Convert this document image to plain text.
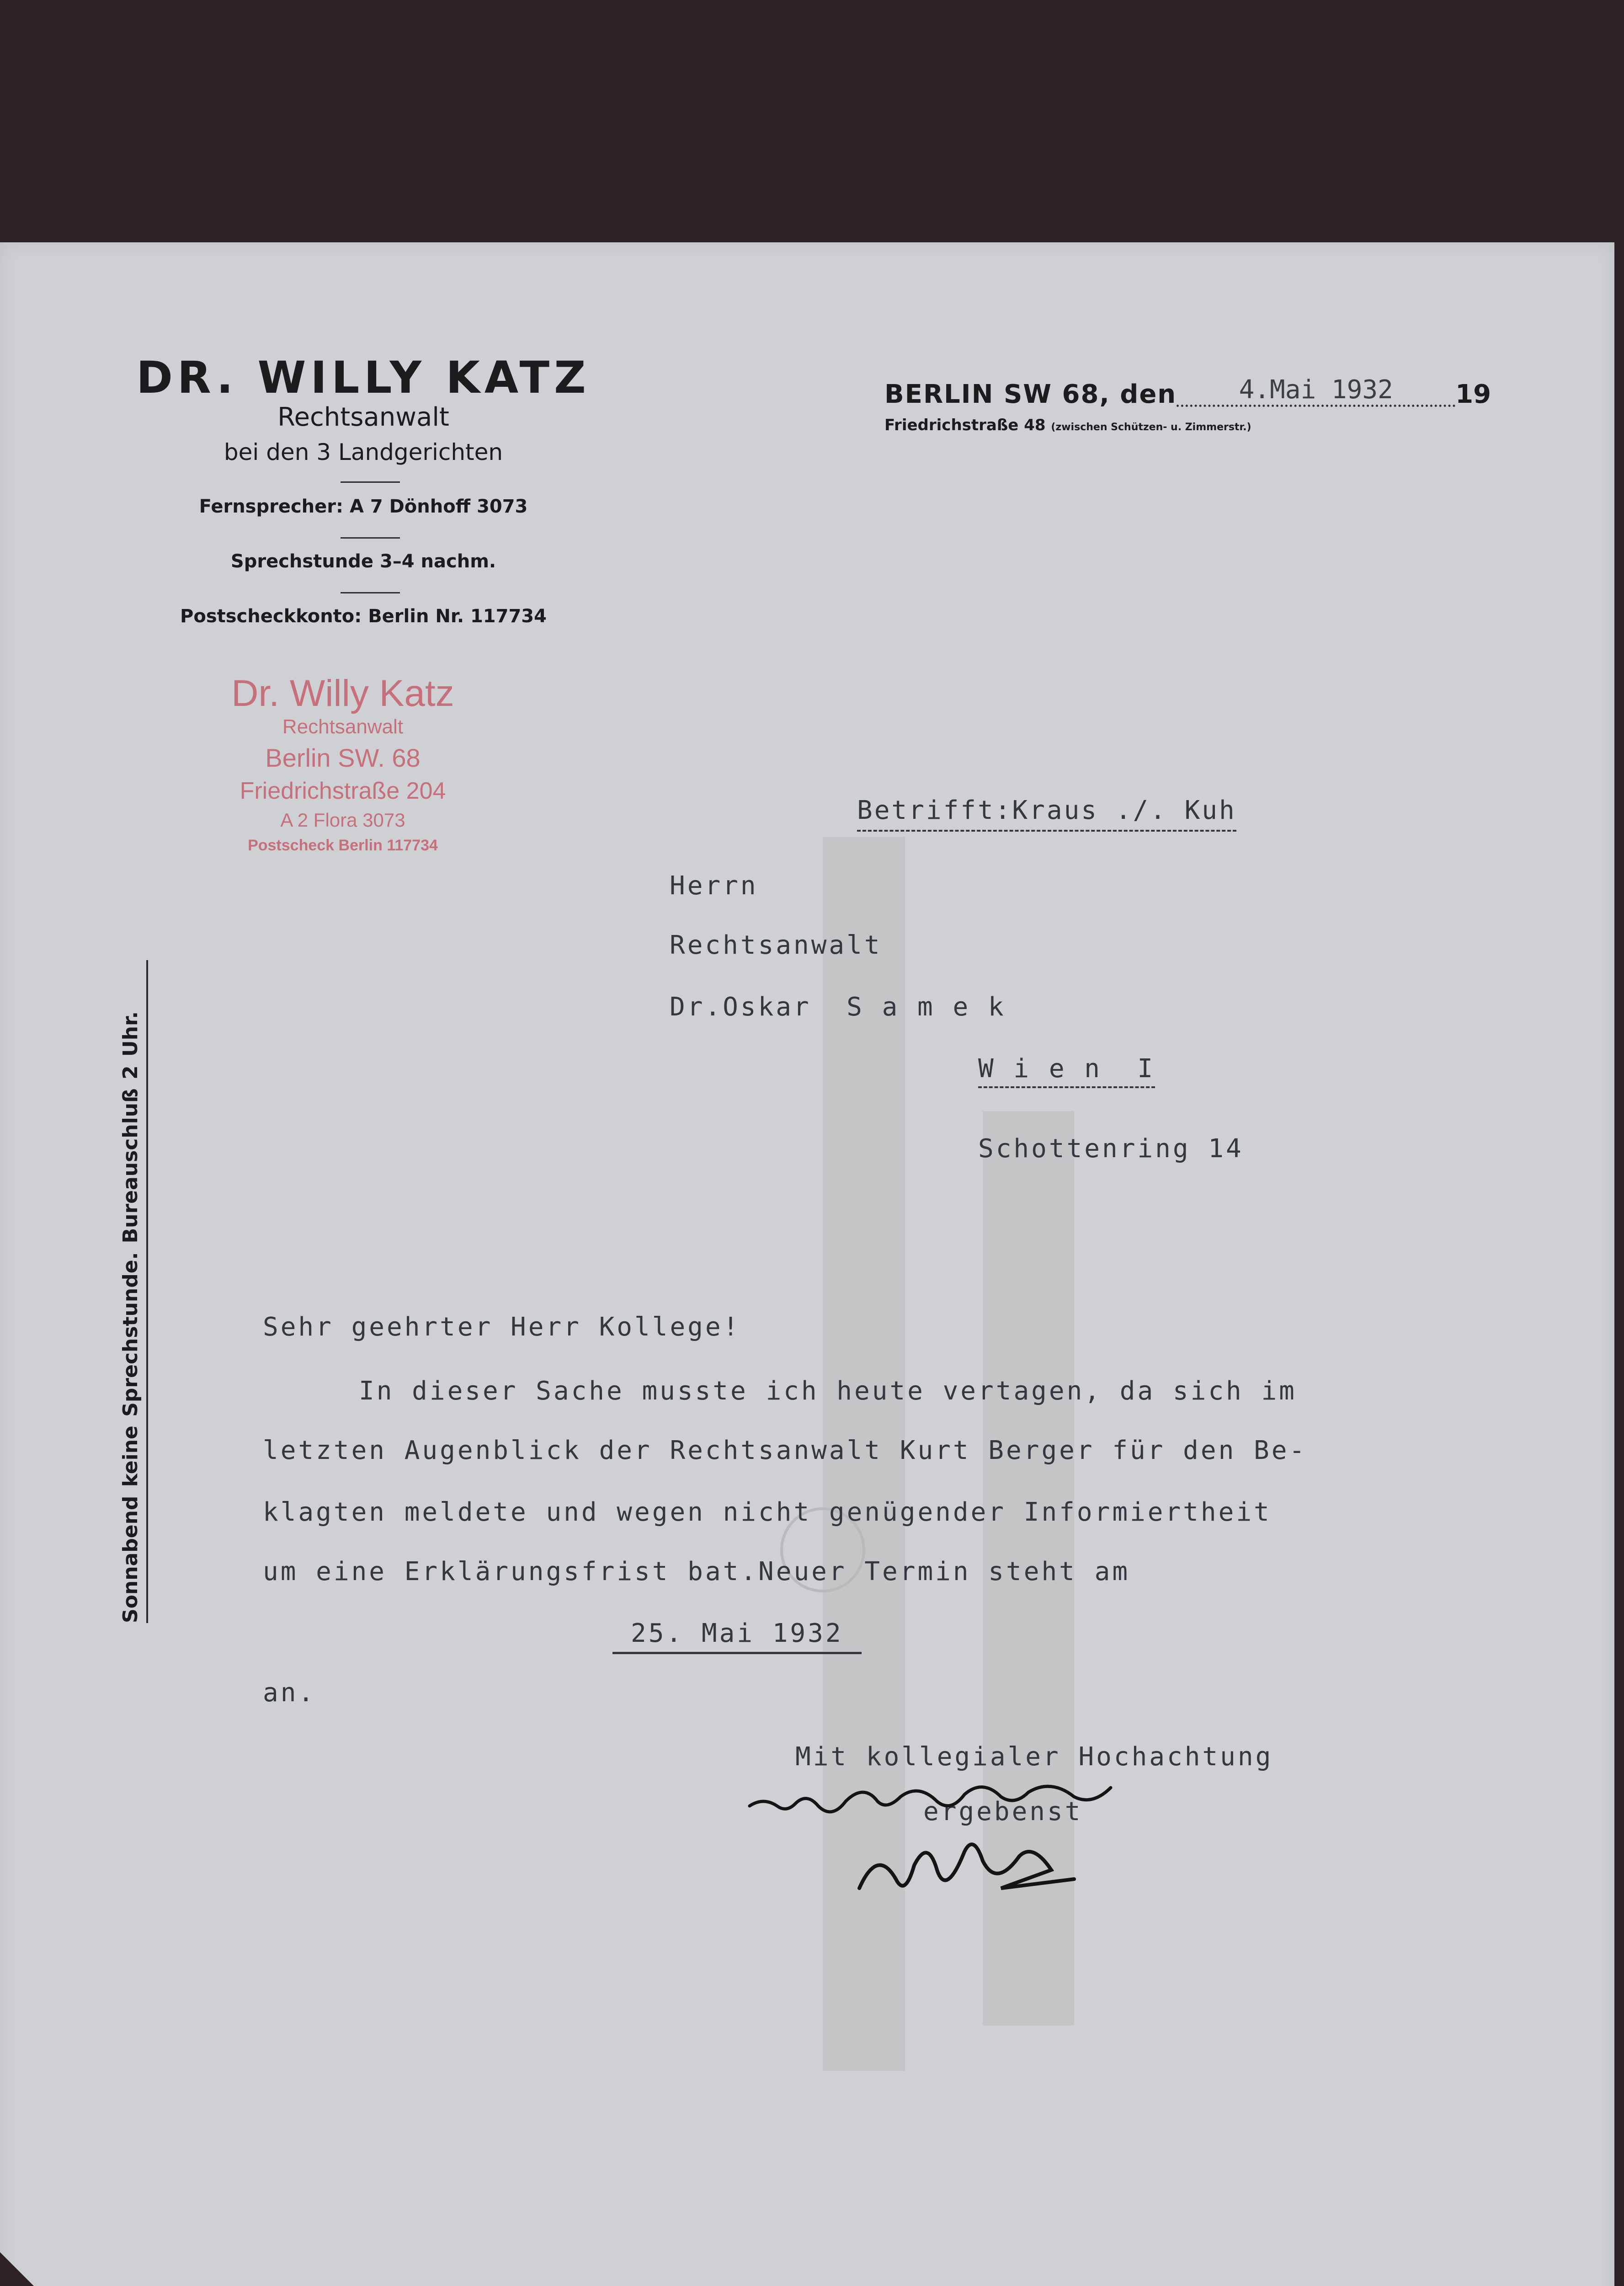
DR. WILLY KATZ
Rechtsanwalt
bei den 3 Landgerichten
Fernsprecher: A 7 Dönhoff 3073
Sprechstunde 3–4 nachm.
Postscheckkonto: Berlin Nr. 117734
BERLIN SW 68, den 4.Mai 1932 19
Friedrichstraße 48 (zwischen Schützen- u. Zimmerstr.)
Dr. Willy Katz
Rechtsanwalt
Berlin SW. 68
Friedrichstraße 204
A 2 Flora 3073
Postscheck Berlin 117734
Sonnabend keine Sprechstunde. Bureauschluß 2 Uhr.
Betrifft:Kraus ./. Kuh
Herrn
Rechtsanwalt
Dr.Oskar  S a m e k
W i e n  I
Schottenring 14
Sehr geehrter Herr Kollege!
In dieser Sache musste ich heute vertagen, da sich im
letzten Augenblick der Rechtsanwalt Kurt Berger für den Be-
klagten meldete und wegen nicht genügender Informiertheit
um eine Erklärungsfrist bat.Neuer Termin steht am
25. Mai 1932
an.
Mit kollegialer Hochachtung
ergebenst
